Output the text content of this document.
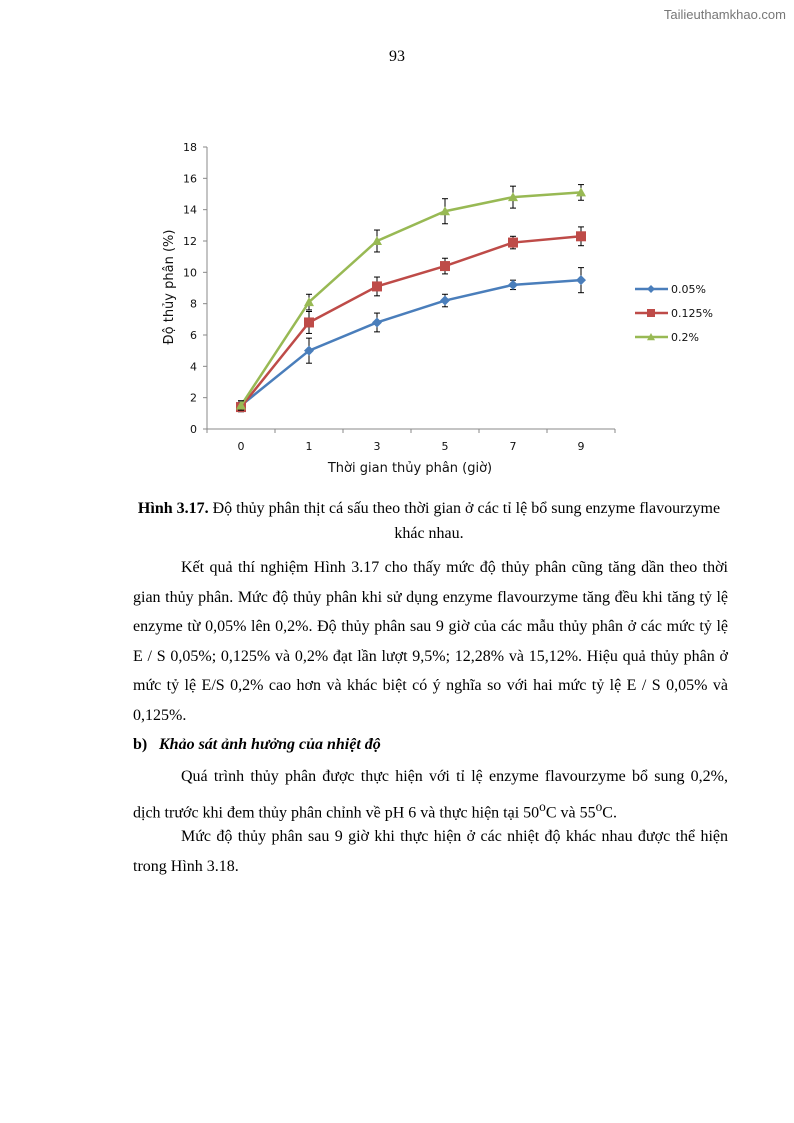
Tailieuthamkhao.com
93
0
2
4
6
8
10
12
14
16
18
0	1	3	5	7	9
Độ thủy phân (%)
Thời gian thủy phân (giờ)
0.05%
0.125%
0.2%
Hình 3.17. Độ thủy phân thịt cá sấu theo thời gian ở các tỉ lệ bổ sung enzyme flavourzyme khác nhau.
Kết quả thí nghiệm Hình 3.17 cho thấy mức độ thủy phân cũng tăng dần theo thời gian thủy phân. Mức độ thủy phân khi sử dụng enzyme flavourzyme tăng đều khi tăng tỷ lệ enzyme từ 0,05% lên 0,2%. Độ thủy phân sau 9 giờ của các mẫu thủy phân ở các mức tỷ lệ E / S 0,05%; 0,125% và 0,2% đạt lần lượt 9,5%; 12,28% và 15,12%. Hiệu quả thủy phân ở mức tỷ lệ E/S 0,2% cao hơn và khác biệt có ý nghĩa so với hai mức tỷ lệ E / S 0,05% và 0,125%.
b) Khảo sát ảnh hưởng của nhiệt độ
Quá trình thủy phân được thực hiện với tỉ lệ enzyme flavourzyme bổ sung 0,2%, dịch trước khi đem thủy phân chỉnh về pH 6 và thực hiện tại 50$^o$C và 55$^o$C.
Mức độ thủy phân sau 9 giờ khi thực hiện ở các nhiệt độ khác nhau được thể hiện trong Hình 3.18.
